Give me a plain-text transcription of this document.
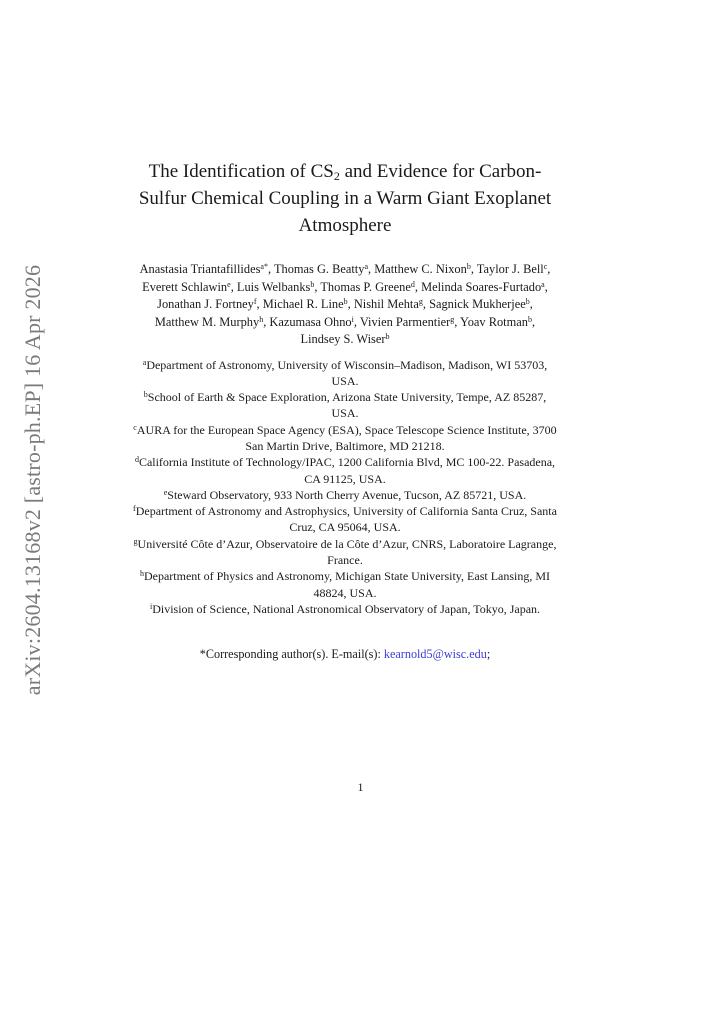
arXiv:2604.13168v2 [astro-ph.EP] 16 Apr 2026
The Identification of $CS_2$ and Evidence for Carbon-Sulfur Chemical Coupling in a Warm Giant Exoplanet Atmosphere
Anastasia Triantafillides$^{a*}$, Thomas G. Beatty$^a$, Matthew C. Nixon$^b$, Taylor J. Bell$^c$, Everett Schlawin$^e$, Luis Welbanks$^b$, Thomas P. Greene$^d$, Melinda Soares-Furtado$^a$, Jonathan J. Fortney$^f$, Michael R. Line$^b$, Nishil Mehta$^g$, Sagnick Mukherjee$^b$, Matthew M. Murphy$^h$, Kazumasa Ohno$^i$, Vivien Parmentier$^g$, Yoav Rotman$^b$, Lindsey S. Wiser$^b$
$^a$Department of Astronomy, University of Wisconsin–Madison, Madison, WI 53703, USA.
$^b$School of Earth & Space Exploration, Arizona State University, Tempe, AZ 85287, USA.
$^c$AURA for the European Space Agency (ESA), Space Telescope Science Institute, 3700 San Martin Drive, Baltimore, MD 21218.
$^d$California Institute of Technology/IPAC, 1200 California Blvd, MC 100-22. Pasadena, CA 91125, USA.
$^e$Steward Observatory, 933 North Cherry Avenue, Tucson, AZ 85721, USA.
$^f$Department of Astronomy and Astrophysics, University of California Santa Cruz, Santa Cruz, CA 95064, USA.
$^g$Université Côte d’Azur, Observatoire de la Côte d’Azur, CNRS, Laboratoire Lagrange, France.
$^h$Department of Physics and Astronomy, Michigan State University, East Lansing, MI 48824, USA.
$^i$Division of Science, National Astronomical Observatory of Japan, Tokyo, Japan.
*Corresponding author(s). E-mail(s): kearnold5@wisc.edu;
1
